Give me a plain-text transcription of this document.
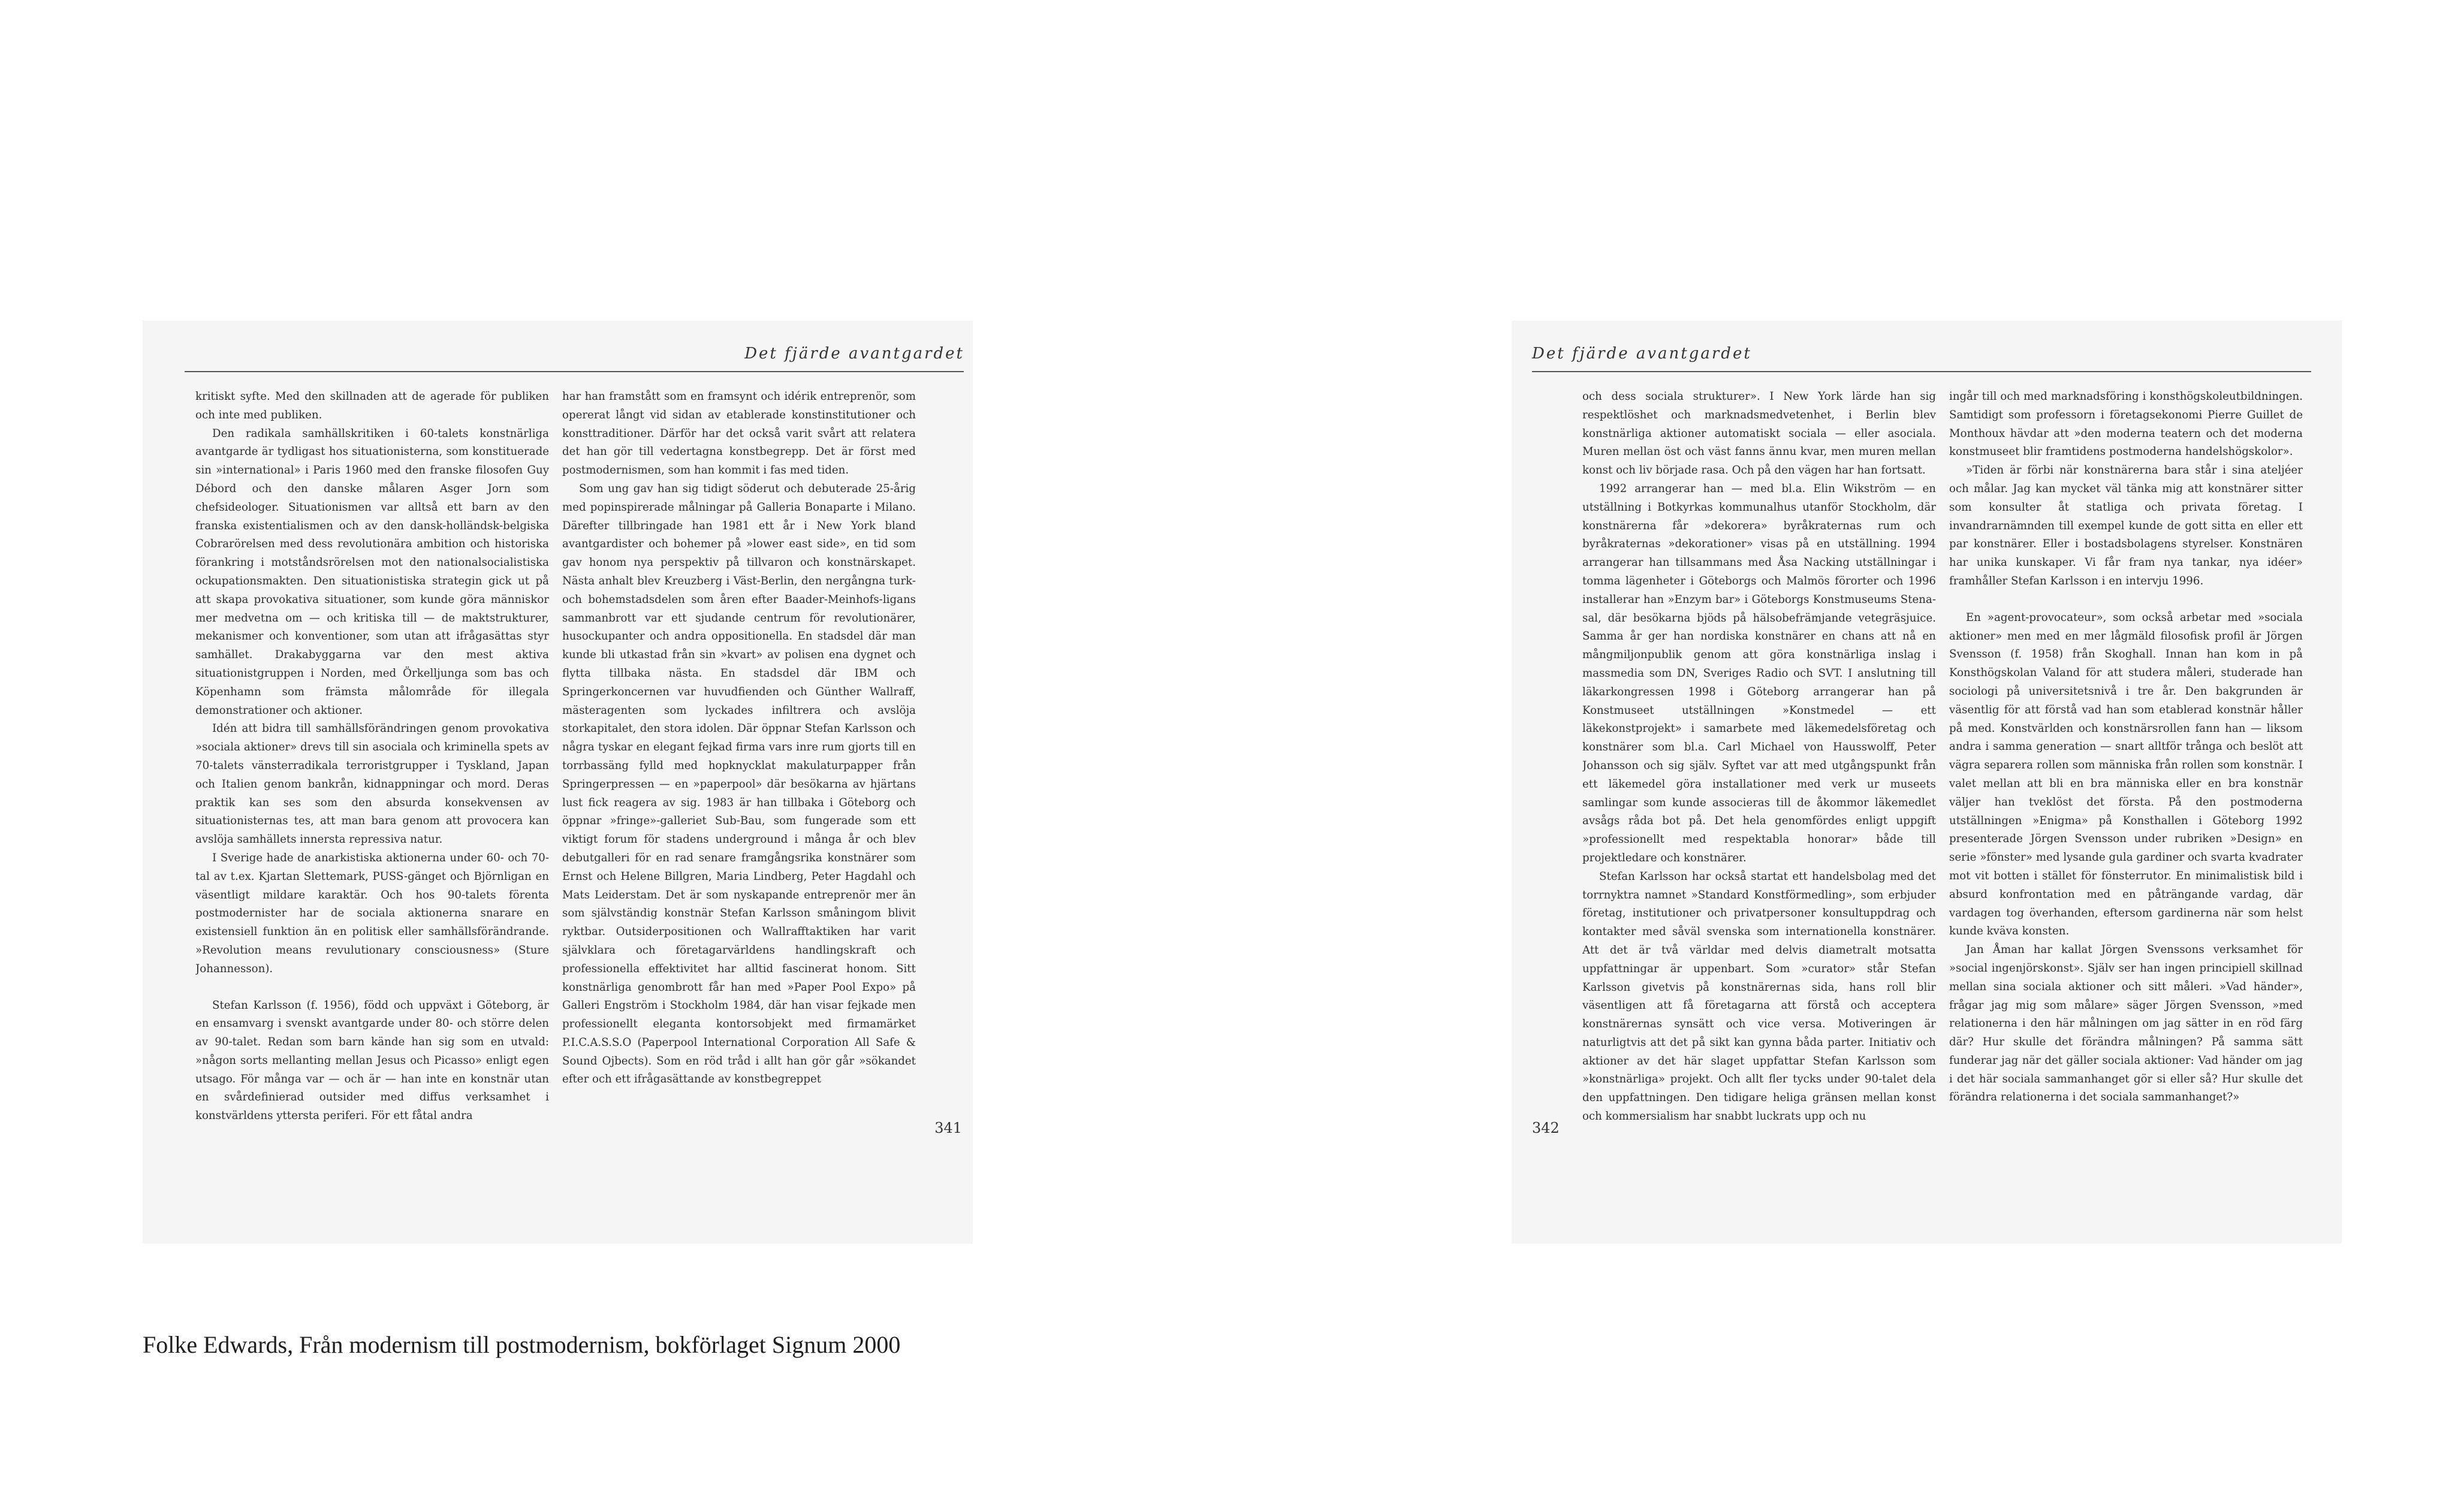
Det fjärde avantgardet

kritiskt syfte. Med den skillnaden att de agerade för publiken och inte med publiken.

Den radikala samhällskritiken i 60-talets konstnärliga avantgarde är tydligast hos situationisterna, som konstituerade sin »international» i Paris 1960 med den franske filosofen Guy Débord och den danske målaren Asger Jorn som chefsideologer. Situationismen var alltså ett barn av den franska existentialismen och av den dansk-holländsk-belgiska Cobrarörelsen med dess revolutionära ambition och historiska förankring i motståndsrörelsen mot den nationalsocialistiska ockupationsmakten. Den situationistiska strategin gick ut på att skapa provokativa situationer, som kunde göra människor mer medvetna om — och kritiska till — de maktstrukturer, mekanismer och konventioner, som utan att ifrågasättas styr samhället. Drakabyggarna var den mest aktiva situationistgruppen i Norden, med Örkelljunga som bas och Köpenhamn som främsta målområde för illegala demonstrationer och aktioner.

Idén att bidra till samhällsförändringen genom provokativa »sociala aktioner» drevs till sin asociala och kriminella spets av 70-talets vänsterradikala terroristgrupper i Tyskland, Japan och Italien genom bankrån, kidnappningar och mord. Deras praktik kan ses som den absurda konsekvensen av situationisternas tes, att man bara genom att provocera kan avslöja samhällets innersta repressiva natur.

I Sverige hade de anarkistiska aktionerna under 60- och 70-tal av t.ex. Kjartan Slettemark, PUSS-gänget och Björnligan en väsentligt mildare karaktär. Och hos 90-talets förenta postmodernister har de sociala aktionerna snarare en existensiell funktion än en politisk eller samhällsförändrande. »Revolution means revulutionary consciousness» (Sture Johannesson).

Stefan Karlsson (f. 1956), född och uppväxt i Göteborg, är en ensamvarg i svenskt avantgarde under 80- och större delen av 90-talet. Redan som barn kände han sig som en utvald: »någon sorts mellanting mellan Jesus och Picasso» enligt egen utsago. För många var — och är — han inte en konstnär utan en svårdefinierad outsider med diffus verksamhet i konstvärldens yttersta periferi. För ett fåtal andra

har han framstått som en framsynt och idérik entreprenör, som opererat långt vid sidan av etablerade konstinstitutioner och konsttraditioner. Därför har det också varit svårt att relatera det han gör till vedertagna konstbegrepp. Det är först med postmodernismen, som han kommit i fas med tiden.

Som ung gav han sig tidigt söderut och debuterade 25-årig med popinspirerade målningar på Galleria Bonaparte i Milano. Därefter tillbringade han 1981 ett år i New York bland avantgardister och bohemer på »lower east side», en tid som gav honom nya perspektiv på tillvaron och konstnärskapet. Nästa anhalt blev Kreuzberg i Väst-Berlin, den nergångna turk- och bohemstadsdelen som åren efter Baader-Meinhofs-ligans sammanbrott var ett sjudande centrum för revolutionärer, husockupanter och andra oppositionella. En stadsdel där man kunde bli utkastad från sin »kvart» av polisen ena dygnet och flytta tillbaka nästa. En stadsdel där IBM och Springerkoncernen var huvudfienden och Günther Wallraff, mästeragenten som lyckades infiltrera och avslöja storkapitalet, den stora idolen. Där öppnar Stefan Karlsson och några tyskar en elegant fejkad firma vars inre rum gjorts till en torrbassäng fylld med hopknycklat makulaturpapper från Springerpressen — en »paperpool» där besökarna av hjärtans lust fick reagera av sig. 1983 är han tillbaka i Göteborg och öppnar »fringe»-galleriet Sub-Bau, som fungerade som ett viktigt forum för stadens underground i många år och blev debutgalleri för en rad senare framgångsrika konstnärer som Ernst och Helene Billgren, Maria Lindberg, Peter Hagdahl och Mats Leiderstam. Det är som nyskapande entreprenör mer än som självständig konstnär Stefan Karlsson småningom blivit ryktbar. Outsiderpositionen och Wallrafftaktiken har varit självklara och företagarvärldens handlingskraft och professionella effektivitet har alltid fascinerat honom. Sitt konstnärliga genombrott får han med »Paper Pool Expo» på Galleri Engström i Stockholm 1984, där han visar fejkade men professionellt eleganta kontorsobjekt med firmamärket P.I.C.A.S.S.O (Paperpool International Corporation All Safe & Sound Ojbects). Som en röd tråd i allt han gör går »sökandet efter och ett ifrågasättande av konstbegreppet

341
Det fjärde avantgardet

och dess sociala strukturer». I New York lärde han sig respektlöshet och marknadsmedvetenhet, i Berlin blev konstnärliga aktioner automatiskt sociala — eller asociala. Muren mellan öst och väst fanns ännu kvar, men muren mellan konst och liv började rasa. Och på den vägen har han fortsatt.

1992 arrangerar han — med bl.a. Elin Wikström — en utställning i Botkyrkas kommunalhus utanför Stockholm, där konstnärerna får »dekorera» byråkraternas rum och byråkraternas »dekorationer» visas på en utställning. 1994 arrangerar han tillsammans med Åsa Nacking utställningar i tomma lägenheter i Göteborgs och Malmös förorter och 1996 installerar han »Enzym bar» i Göteborgs Konstmuseums Stena-sal, där besökarna bjöds på hälsobefrämjande vetegräsjuice. Samma år ger han nordiska konstnärer en chans att nå en mångmiljonpublik genom att göra konstnärliga inslag i massmedia som DN, Sveriges Radio och SVT. I anslutning till läkarkongressen 1998 i Göteborg arrangerar han på Konstmuseet utställningen »Konstmedel — ett läkekonstprojekt» i samarbete med läkemedelsföretag och konstnärer som bl.a. Carl Michael von Hausswolff, Peter Johansson och sig själv. Syftet var att med utgångspunkt från ett läkemedel göra installationer med verk ur museets samlingar som kunde associeras till de åkommor läkemedlet avsågs råda bot på. Det hela genomfördes enligt uppgift »professionellt med respektabla honorar» både till projektledare och konstnärer.

Stefan Karlsson har också startat ett handelsbolag med det torrnyktra namnet »Standard Konstförmedling», som erbjuder företag, institutioner och privatpersoner konsultuppdrag och kontakter med såväl svenska som internationella konstnärer. Att det är två världar med delvis diametralt motsatta uppfattningar är uppenbart. Som »curator» står Stefan Karlsson givetvis på konstnärernas sida, hans roll blir väsentligen att få företagarna att förstå och acceptera konstnärernas synsätt och vice versa. Motiveringen är naturligtvis att det på sikt kan gynna båda parter. Initiativ och aktioner av det här slaget uppfattar Stefan Karlsson som »konstnärliga» projekt. Och allt fler tycks under 90-talet dela den uppfattningen. Den tidigare heliga gränsen mellan konst och kommersialism har snabbt luckrats upp och nu

ingår till och med marknadsföring i konsthögskoleutbildningen. Samtidigt som professorn i företagsekonomi Pierre Guillet de Monthoux hävdar att »den moderna teatern och det moderna konstmuseet blir framtidens postmoderna handelshögskolor».

»Tiden är förbi när konstnärerna bara står i sina ateljéer och målar. Jag kan mycket väl tänka mig att konstnärer sitter som konsulter åt statliga och privata företag. I invandrarnämnden till exempel kunde de gott sitta en eller ett par konstnärer. Eller i bostadsbolagens styrelser. Konstnären har unika kunskaper. Vi får fram nya tankar, nya idéer» framhåller Stefan Karlsson i en intervju 1996.

En »agent-provocateur», som också arbetar med »sociala aktioner» men med en mer lågmäld filosofisk profil är Jörgen Svensson (f. 1958) från Skoghall. Innan han kom in på Konsthögskolan Valand för att studera måleri, studerade han sociologi på universitetsnivå i tre år. Den bakgrunden är väsentlig för att förstå vad han som etablerad konstnär håller på med. Konstvärlden och konstnärsrollen fann han — liksom andra i samma generation — snart alltför trånga och beslöt att vägra separera rollen som människa från rollen som konstnär. I valet mellan att bli en bra människa eller en bra konstnär väljer han tveklöst det första. På den postmoderna utställningen »Enigma» på Konsthallen i Göteborg 1992 presenterade Jörgen Svensson under rubriken »Design» en serie »fönster» med lysande gula gardiner och svarta kvadrater mot vit botten i stället för fönsterrutor. En minimalistisk bild i absurd konfrontation med en påträngande vardag, där vardagen tog överhanden, eftersom gardinerna när som helst kunde kväva konsten.

Jan Åman har kallat Jörgen Svenssons verksamhet för »social ingenjörskonst». Själv ser han ingen principiell skillnad mellan sina sociala aktioner och sitt måleri. »Vad händer», frågar jag mig som målare» säger Jörgen Svensson, »med relationerna i den här målningen om jag sätter in en röd färg där? Hur skulle det förändra målningen? På samma sätt funderar jag när det gäller sociala aktioner: Vad händer om jag i det här sociala sammanhanget gör si eller så? Hur skulle det förändra relationerna i det sociala sammanhanget?»

342
Folke Edwards, Från modernism till postmodernism, bokförlaget Signum 2000
